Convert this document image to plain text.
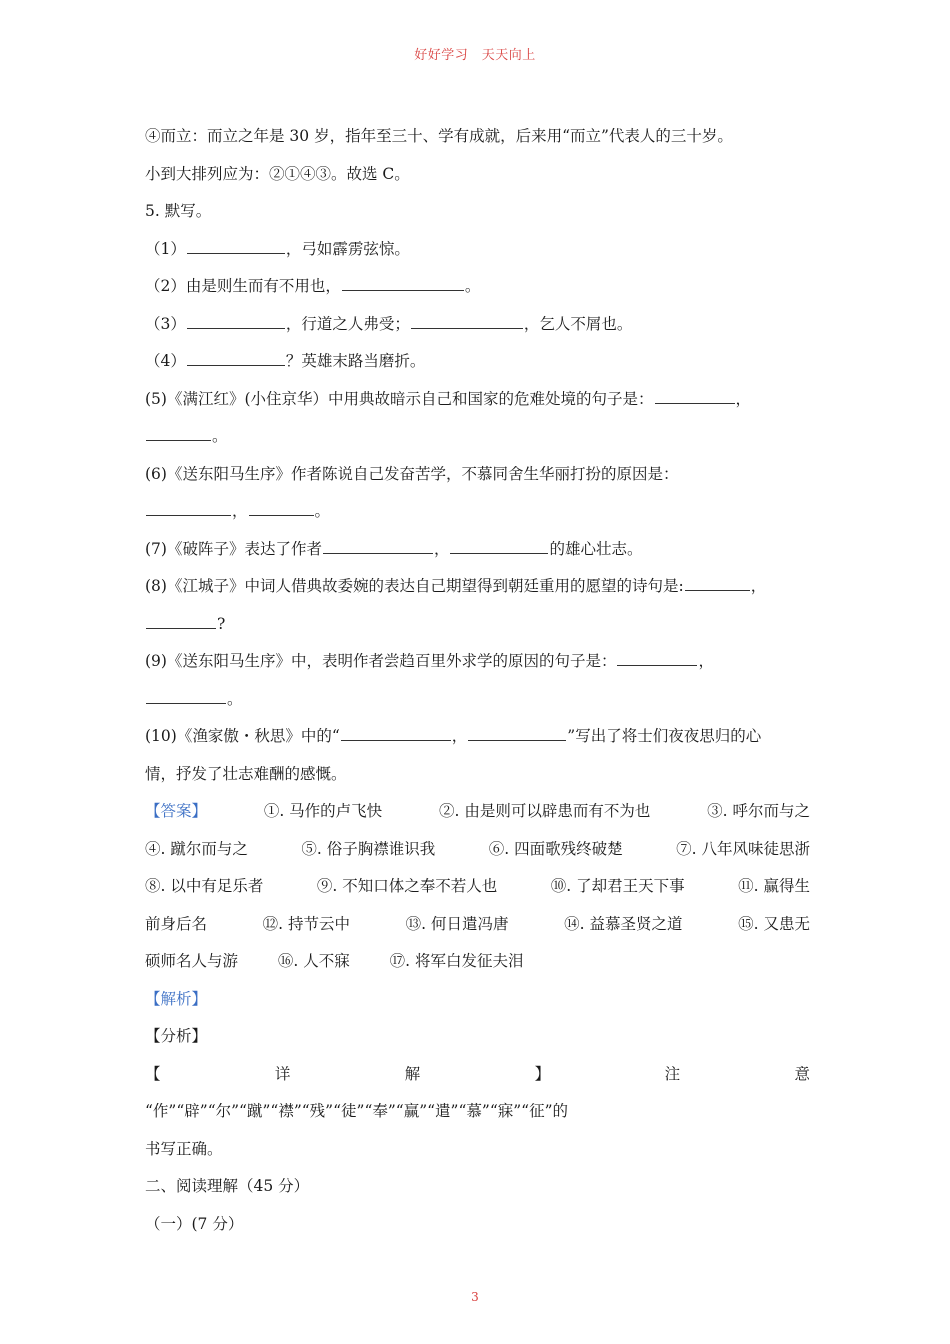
好好学习　天天向上
④而立：而立之年是 30 岁，指年至三十、学有成就，后来用“而立”代表人的三十岁。
小到大排列应为：②①④③。故选 C。
5. 默写。
（1）	，弓如霹雳弦惊。
（2）由是则生而有不用也，	。
（3）	，行道之人弗受；	，乞人不屑也。
（4）	？英雄末路当磨折。
(5)《满江红》(小住京华）中用典故暗示自己和国家的危难处境的句子是：	，
。
(6)《送东阳马生序》作者陈说自己发奋苦学，不慕同舍生华丽打扮的原因是：
，	。
(7)《破阵子》表达了作者	，	的雄心壮志。
(8)《江城子》中词人借典故委婉的表达自己期望得到朝廷重用的愿望的诗句是:	，
?
(9)《送东阳马生序》中，表明作者尝趋百里外求学的原因的句子是：	，
。
(10)《渔家傲・秋思》中的“	，	”写出了将士们夜夜思归的心
情，抒发了壮志难酬的感慨。
【答案】	①. 马作的卢飞快	②. 由是则可以辟患而有不为也	③. 呼尔而与之
④. 蹴尔而与之	⑤. 俗子胸襟谁识我	⑥. 四面歌残终破楚	⑦. 八年风味徒思浙
⑧. 以中有足乐者	⑨. 不知口体之奉不若人也	⑩. 了却君王天下事	⑪. 赢得生
前身后名	⑫. 持节云中	⑬. 何日遣冯唐	⑭. 益慕圣贤之道	⑮. 又患无
硕师名人与游	⑯. 人不寐	⑰. 将军白发征夫泪
【解析】
【分析】
【	详	解	】	注	意
“作”“辟”“尔”“蹴”“襟”“残”“徒”“奉”“赢”“遣”“慕”“寐”“征”的
书写正确。
二、阅读理解（45 分）
（一）(7 分）
3
